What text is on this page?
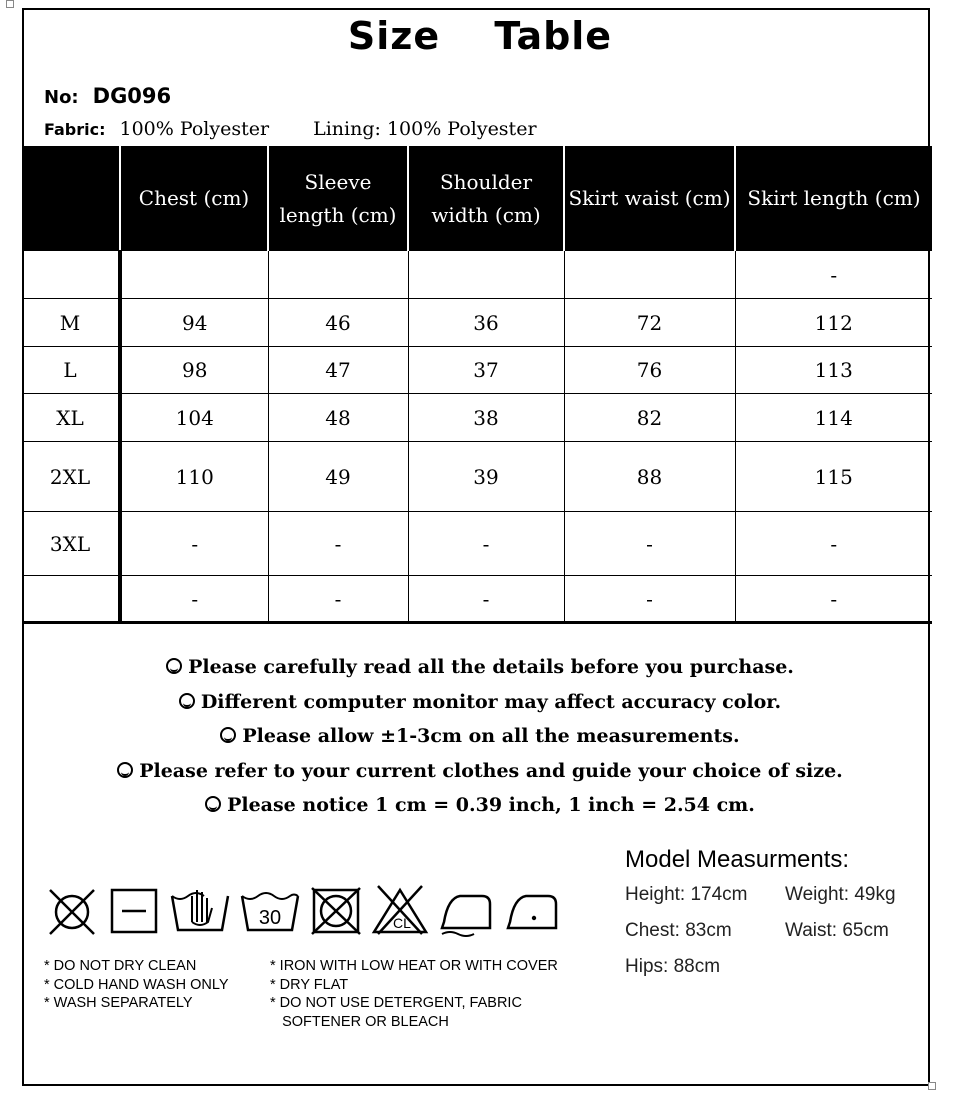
Size Table
No: DG096
Fabric: 100% Polyester Lining: 100% Polyester
	Chest (cm)	Sleeve length (cm)	Shoulder width (cm)	Skirt waist (cm)	Skirt length (cm)
					-
M	94	46	36	72	112
L	98	47	37	76	113
XL	104	48	38	82	114
2XL	110	49	39	88	115
3XL	-	-	-	-	-
	-	-	-	-	-
Please carefully read all the details before you purchase.
Different computer monitor may affect accuracy color.
Please allow ±1-3cm on all the measurements.
Please refer to your current clothes and guide your choice of size.
Please notice 1 cm = 0.39 inch, 1 inch = 2.54 cm.
Model Measurments:
Height: 174cm	Weight: 49kg
Chest: 83cm	Waist: 65cm
Hips: 88cm
30	CL
* DO NOT DRY CLEAN
* COLD HAND WASH ONLY
* WASH SEPARATELY
* IRON WITH LOW HEAT OR WITH COVER
* DRY FLAT
* DO NOT USE DETERGENT, FABRIC
SOFTENER OR BLEACH
